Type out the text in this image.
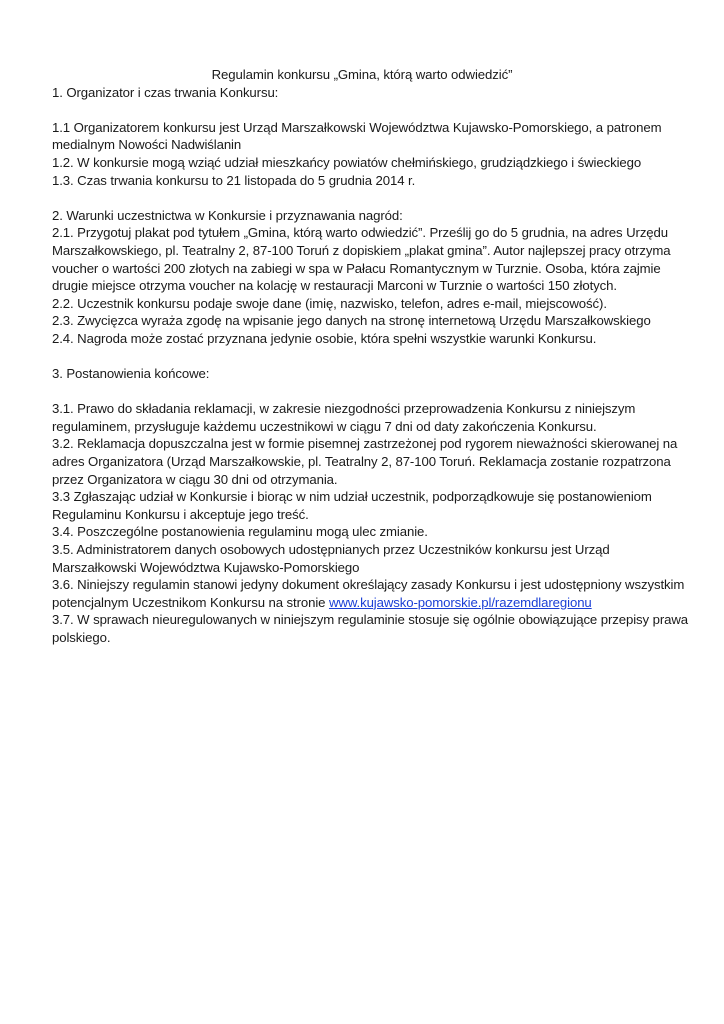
Regulamin konkursu „Gmina, którą warto odwiedzić”

1. Organizator i czas trwania Konkursu:

1.1 Organizatorem konkursu jest Urząd Marszałkowski Województwa Kujawsko-Pomorskiego, a patronem medialnym Nowości Nadwiślanin

1.2. W konkursie mogą wziąć udział mieszkańcy powiatów chełmińskiego, grudziądzkiego i świeckiego

1.3. Czas trwania konkursu to 21 listopada do 5 grudnia 2014 r.

2. Warunki uczestnictwa w Konkursie i przyznawania nagród:

2.1. Przygotuj plakat pod tytułem „Gmina, którą warto odwiedzić”. Prześlij go do 5 grudnia, na adres Urzędu Marszałkowskiego, pl. Teatralny 2, 87-100 Toruń z dopiskiem „plakat gmina”. Autor najlepszej pracy otrzyma voucher o wartości 200 złotych na zabiegi w spa w Pałacu Romantycznym w Turznie. Osoba, która zajmie drugie miejsce otrzyma voucher na kolację w restauracji Marconi w Turznie o wartości 150 złotych.

2.2. Uczestnik konkursu podaje swoje dane (imię, nazwisko, telefon, adres e-mail, miejscowość).

2.3. Zwycięzca wyraża zgodę na wpisanie jego danych na stronę internetową Urzędu Marszałkowskiego

2.4. Nagroda może zostać przyznana jedynie osobie, która spełni wszystkie warunki Konkursu.

3. Postanowienia końcowe:

3.1. Prawo do składania reklamacji, w zakresie niezgodności przeprowadzenia Konkursu z niniejszym regulaminem, przysługuje każdemu uczestnikowi w ciągu 7 dni od daty zakończenia Konkursu.

3.2. Reklamacja dopuszczalna jest w formie pisemnej zastrzeżonej pod rygorem nieważności skierowanej na adres Organizatora (Urząd Marszałkowskie, pl. Teatralny 2, 87-100 Toruń. Reklamacja zostanie rozpatrzona przez Organizatora w ciągu 30 dni od otrzymania.

3.3 Zgłaszając udział w Konkursie i biorąc w nim udział uczestnik, podporządkowuje się postanowieniom Regulaminu Konkursu i akceptuje jego treść.

3.4. Poszczególne postanowienia regulaminu mogą ulec zmianie.

3.5. Administratorem danych osobowych udostępnianych przez Uczestników konkursu jest Urząd Marszałkowski Województwa Kujawsko-Pomorskiego

3.6. Niniejszy regulamin stanowi jedyny dokument określający zasady Konkursu i jest udostępniony wszystkim potencjalnym Uczestnikom Konkursu na stronie www.kujawsko-pomorskie.pl/razemdlaregionu

3.7. W sprawach nieuregulowanych w niniejszym regulaminie stosuje się ogólnie obowiązujące przepisy prawa polskiego.
